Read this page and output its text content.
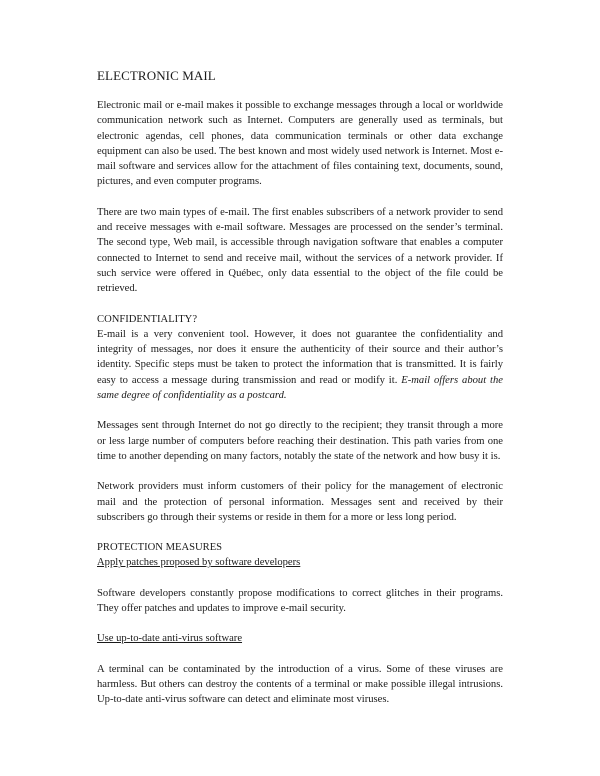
ELECTRONIC MAIL

Electronic mail or e-mail makes it possible to exchange messages through a local or worldwide communication network such as Internet. Computers are generally used as terminals, but electronic agendas, cell phones, data communication terminals or other data exchange equipment can also be used. The best known and most widely used network is Internet. Most e-mail software and services allow for the attachment of files containing text, documents, sound, pictures, and even computer programs.

There are two main types of e-mail. The first enables subscribers of a network provider to send and receive messages with e-mail software. Messages are processed on the sender’s terminal. The second type, Web mail, is accessible through navigation software that enables a computer connected to Internet to send and receive mail, without the services of a network provider. If such service were offered in Québec, only data essential to the object of the file could be retrieved.

CONFIDENTIALITY?

E-mail is a very convenient tool. However, it does not guarantee the confidentiality and integrity of messages, nor does it ensure the authenticity of their source and their author’s identity. Specific steps must be taken to protect the information that is transmitted. It is fairly easy to access a message during transmission and read or modify it. E-mail offers about the same degree of confidentiality as a postcard.

Messages sent through Internet do not go directly to the recipient; they transit through a more or less large number of computers before reaching their destination. This path varies from one time to another depending on many factors, notably the state of the network and how busy it is.

Network providers must inform customers of their policy for the management of electronic mail and the protection of personal information. Messages sent and received by their subscribers go through their systems or reside in them for a more or less long period.

PROTECTION MEASURES
Apply patches proposed by software developers

Software developers constantly propose modifications to correct glitches in their programs. They offer patches and updates to improve e-mail security.

Use up-to-date anti-virus software

A terminal can be contaminated by the introduction of a virus. Some of these viruses are harmless. But others can destroy the contents of a terminal or make possible illegal intrusions. Up-to-date anti-virus software can detect and eliminate most viruses.
